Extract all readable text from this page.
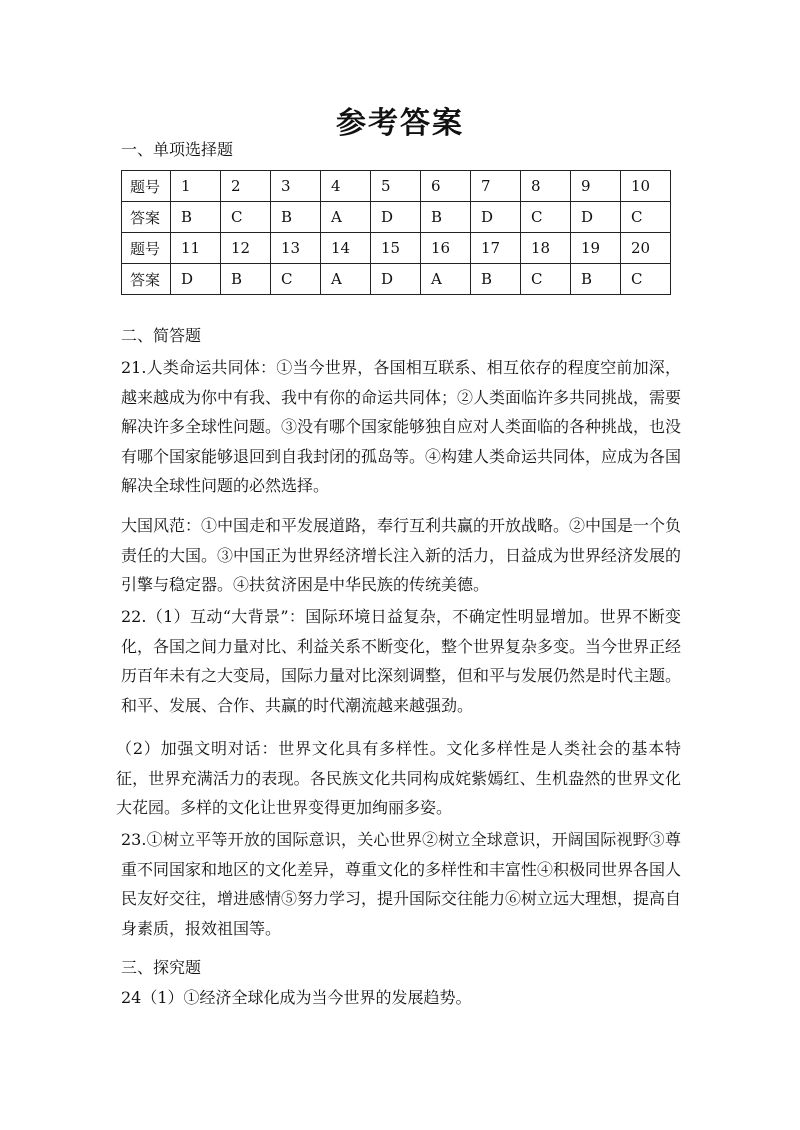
参考答案
一、单项选择题
题号	1	2	3	4	5	6	7	8	9	10
答案	B	C	B	A	D	B	D	C	D	C
题号	11	12	13	14	15	16	17	18	19	20
答案	D	B	C	A	D	A	B	C	B	C
二、简答题
21.人类命运共同体：①当今世界，各国相互联系、相互依存的程度空前加深，越来越成为你中有我、我中有你的命运共同体；②人类面临许多共同挑战，需要解决许多全球性问题。③没有哪个国家能够独自应对人类面临的各种挑战，也没有哪个国家能够退回到自我封闭的孤岛等。④构建人类命运共同体，应成为各国解决全球性问题的必然选择。
大国风范：①中国走和平发展道路，奉行互利共赢的开放战略。②中国是一个负责任的大国。③中国正为世界经济增长注入新的活力，日益成为世界经济发展的引擎与稳定器。④扶贫济困是中华民族的传统美德。
22.（1）互动“大背景”：国际环境日益复杂，不确定性明显增加。世界不断变化，各国之间力量对比、利益关系不断变化，整个世界复杂多变。当今世界正经历百年未有之大变局，国际力量对比深刻调整，但和平与发展仍然是时代主题。和平、发展、合作、共赢的时代潮流越来越强劲。
（2）加强文明对话：世界文化具有多样性。文化多样性是人类社会的基本特征，世界充满活力的表现。各民族文化共同构成姹紫嫣红、生机盎然的世界文化大花园。多样的文化让世界变得更加绚丽多姿。
23.①树立平等开放的国际意识，关心世界②树立全球意识，开阔国际视野③尊重不同国家和地区的文化差异，尊重文化的多样性和丰富性④积极同世界各国人民友好交往，增进感情⑤努力学习，提升国际交往能力⑥树立远大理想，提高自身素质，报效祖国等。
三、探究题
24（1）①经济全球化成为当今世界的发展趋势。
